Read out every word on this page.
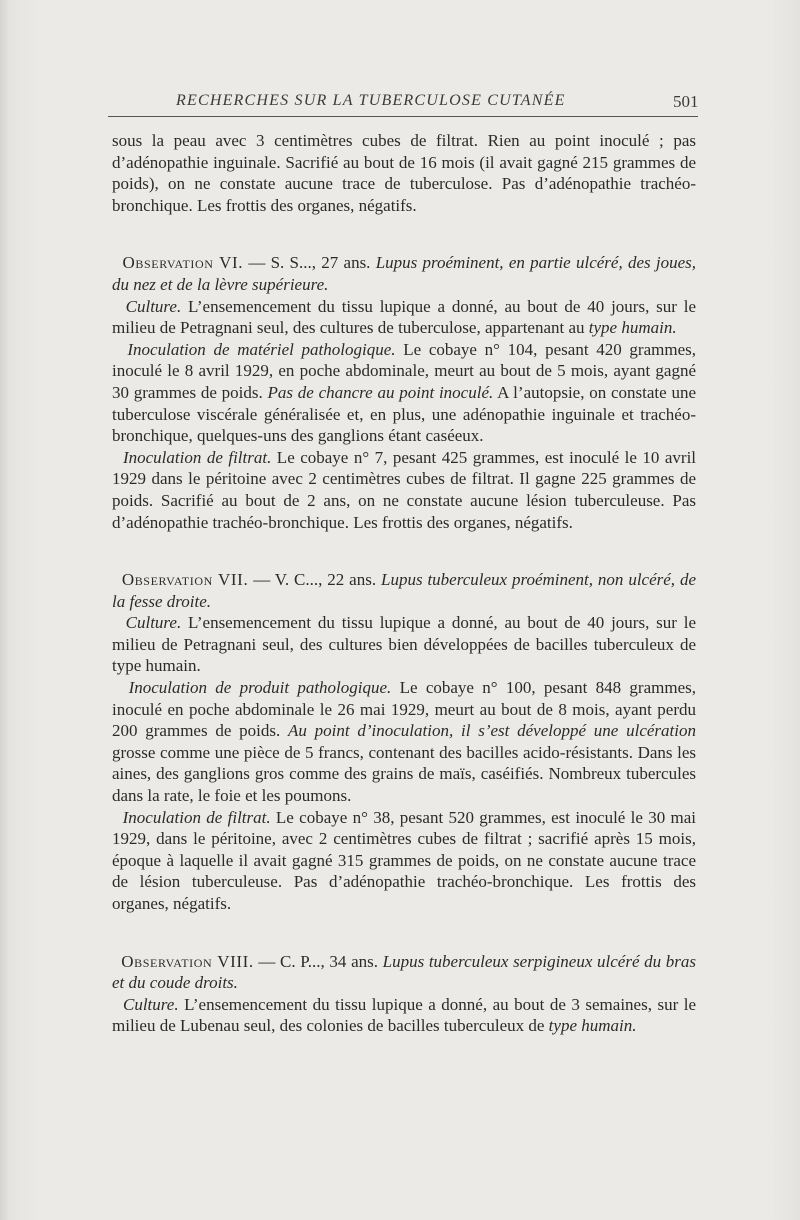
RECHERCHES SUR LA TUBERCULOSE CUTANÉE	501

sous la peau avec 3 centimètres cubes de filtrat. Rien au point inoculé ; pas d’adénopathie inguinale. Sacrifié au bout de 16 mois (il avait gagné 215 grammes de poids), on ne constate aucune trace de tuberculose. Pas d’adénopathie trachéo-bronchique. Les frottis des organes, négatifs.

Observation VI. — S. S..., 27 ans. Lupus proéminent, en partie ulcéré, des joues, du nez et de la lèvre supérieure.

Culture. L’ensemencement du tissu lupique a donné, au bout de 40 jours, sur le milieu de Petragnani seul, des cultures de tuberculose, appartenant au type humain.

Inoculation de matériel pathologique. Le cobaye n° 104, pesant 420 grammes, inoculé le 8 avril 1929, en poche abdominale, meurt au bout de 5 mois, ayant gagné 30 grammes de poids. Pas de chancre au point inoculé. A l’autopsie, on constate une tuberculose viscérale généralisée et, en plus, une adénopathie inguinale et trachéo-bronchique, quelques-uns des ganglions étant caséeux.

Inoculation de filtrat. Le cobaye n° 7, pesant 425 grammes, est inoculé le 10 avril 1929 dans le péritoine avec 2 centimètres cubes de filtrat. Il gagne 225 grammes de poids. Sacrifié au bout de 2 ans, on ne constate aucune lésion tuberculeuse. Pas d’adénopathie trachéo-bronchique. Les frottis des organes, négatifs.

Observation VII. — V. C..., 22 ans. Lupus tuberculeux proéminent, non ulcéré, de la fesse droite.

Culture. L’ensemencement du tissu lupique a donné, au bout de 40 jours, sur le milieu de Petragnani seul, des cultures bien développées de bacilles tuberculeux de type humain.

Inoculation de produit pathologique. Le cobaye n° 100, pesant 848 grammes, inoculé en poche abdominale le 26 mai 1929, meurt au bout de 8 mois, ayant perdu 200 grammes de poids. Au point d’inoculation, il s’est développé une ulcération grosse comme une pièce de 5 francs, contenant des bacilles acido-résistants. Dans les aines, des ganglions gros comme des grains de maïs, caséifiés. Nombreux tubercules dans la rate, le foie et les poumons.

Inoculation de filtrat. Le cobaye n° 38, pesant 520 grammes, est inoculé le 30 mai 1929, dans le péritoine, avec 2 centimètres cubes de filtrat ; sacrifié après 15 mois, époque à laquelle il avait gagné 315 grammes de poids, on ne constate aucune trace de lésion tuberculeuse. Pas d’adénopathie trachéo-bronchique. Les frottis des organes, négatifs.

Observation VIII. — C. P..., 34 ans. Lupus tuberculeux serpigineux ulcéré du bras et du coude droits.

Culture. L’ensemencement du tissu lupique a donné, au bout de 3 semaines, sur le milieu de Lubenau seul, des colonies de bacilles tuberculeux de type humain.
